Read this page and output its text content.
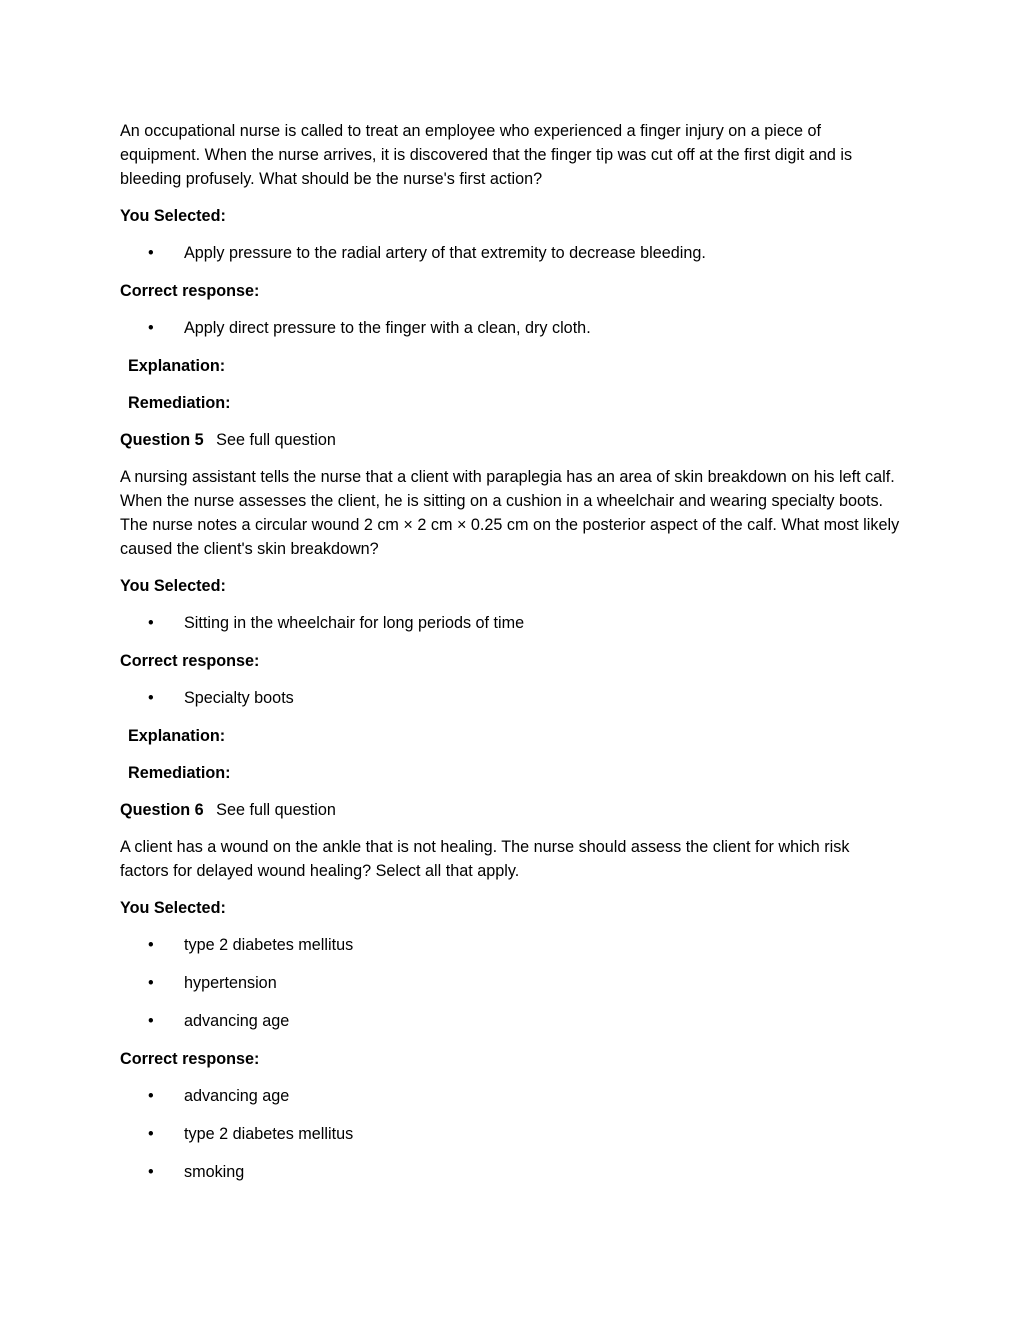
An occupational nurse is called to treat an employee who experienced a finger injury on a piece of equipment. When the nurse arrives, it is discovered that the finger tip was cut off at the first digit and is bleeding profusely. What should be the nurse's first action?

You Selected:
• Apply pressure to the radial artery of that extremity to decrease bleeding.
Correct response:
• Apply direct pressure to the finger with a clean, dry cloth.
Explanation:
Remediation:
Question 5 See full question

A nursing assistant tells the nurse that a client with paraplegia has an area of skin breakdown on his left calf. When the nurse assesses the client, he is sitting on a cushion in a wheelchair and wearing specialty boots. The nurse notes a circular wound 2 cm × 2 cm × 0.25 cm on the posterior aspect of the calf. What most likely caused the client's skin breakdown?

You Selected:
• Sitting in the wheelchair for long periods of time
Correct response:
• Specialty boots
Explanation:
Remediation:
Question 6 See full question

A client has a wound on the ankle that is not healing. The nurse should assess the client for which risk factors for delayed wound healing? Select all that apply.

You Selected:
• type 2 diabetes mellitus
• hypertension
• advancing age
Correct response:
• advancing age
• type 2 diabetes mellitus
• smoking
